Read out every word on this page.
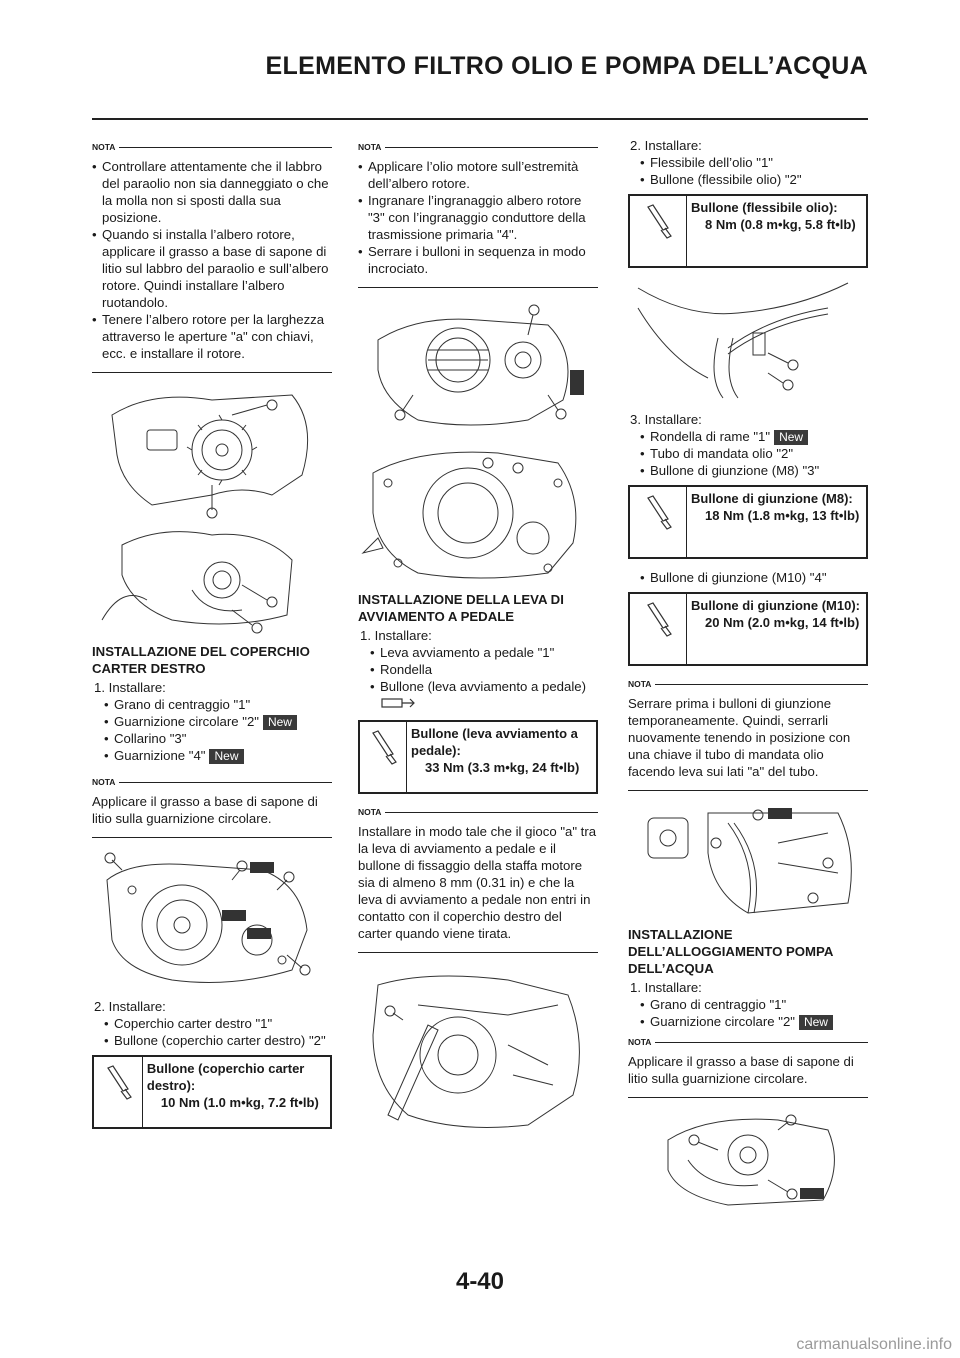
ELEMENTO FILTRO OLIO E POMPA DELL’ACQUA
NOTA
• Controllare attentamente che il labbro del paraolio non sia danneggiato o che la molla non si sposti dalla sua posizione.
• Quando si installa l’albero rotore, applicare il grasso a base di sapone di litio sul labbro del paraolio e sull’albero rotore. Quindi installare l’albero ruotandolo.
• Tenere l’albero rotore per la larghezza attraverso le aperture "a" con chiavi, ecc. e installare il rotore.
INSTALLAZIONE DEL COPERCHIO CARTER DESTRO
1. Installare:
• Grano di centraggio "1"
• Guarnizione circolare "2" New
• Collarino "3"
• Guarnizione "4" New
NOTA
Applicare il grasso a base di sapone di litio sulla guarnizione circolare.
2. Installare:
• Coperchio carter destro "1"
• Bullone (coperchio carter destro) "2"
Bullone (coperchio carter destro):
10 Nm (1.0 m•kg, 7.2 ft•lb)
NOTA
• Applicare l’olio motore sull’estremità dell’albero rotore.
• Ingranare l’ingranaggio albero rotore "3" con l’ingranaggio conduttore della trasmissione primaria "4".
• Serrare i bulloni in sequenza in modo incrociato.
INSTALLAZIONE DELLA LEVA DI AVVIAMENTO A PEDALE
1. Installare:
• Leva avviamento a pedale "1"
• Rondella
• Bullone (leva avviamento a pedale)
Bullone (leva avviamento a pedale):
33 Nm (3.3 m•kg, 24 ft•lb)
NOTA
Installare in modo tale che il gioco "a" tra la leva di avviamento a pedale e il bullone di fissaggio della staffa motore sia di almeno 8 mm (0.31 in) e che la leva di avviamento a pedale non entri in contatto con il coperchio destro del carter quando viene tirata.
2. Installare:
• Flessibile dell’olio "1"
• Bullone (flessibile olio) "2"
Bullone (flessibile olio):
8 Nm (0.8 m•kg, 5.8 ft•lb)
3. Installare:
• Rondella di rame "1" New
• Tubo di mandata olio "2"
• Bullone di giunzione (M8) "3"
Bullone di giunzione (M8):
18 Nm (1.8 m•kg, 13 ft•lb)
• Bullone di giunzione (M10) "4"
Bullone di giunzione (M10):
20 Nm (2.0 m•kg, 14 ft•lb)
NOTA
Serrare prima i bulloni di giunzione temporaneamente. Quindi, serrarli nuovamente tenendo in posizione con una chiave il tubo di mandata olio facendo leva sui lati "a" del tubo.
INSTALLAZIONE DELL’ALLOGGIAMENTO POMPA DELL’ACQUA
1. Installare:
• Grano di centraggio "1"
• Guarnizione circolare "2" New
NOTA
Applicare il grasso a base di sapone di litio sulla guarnizione circolare.
4-40
carmanualsonline.info
